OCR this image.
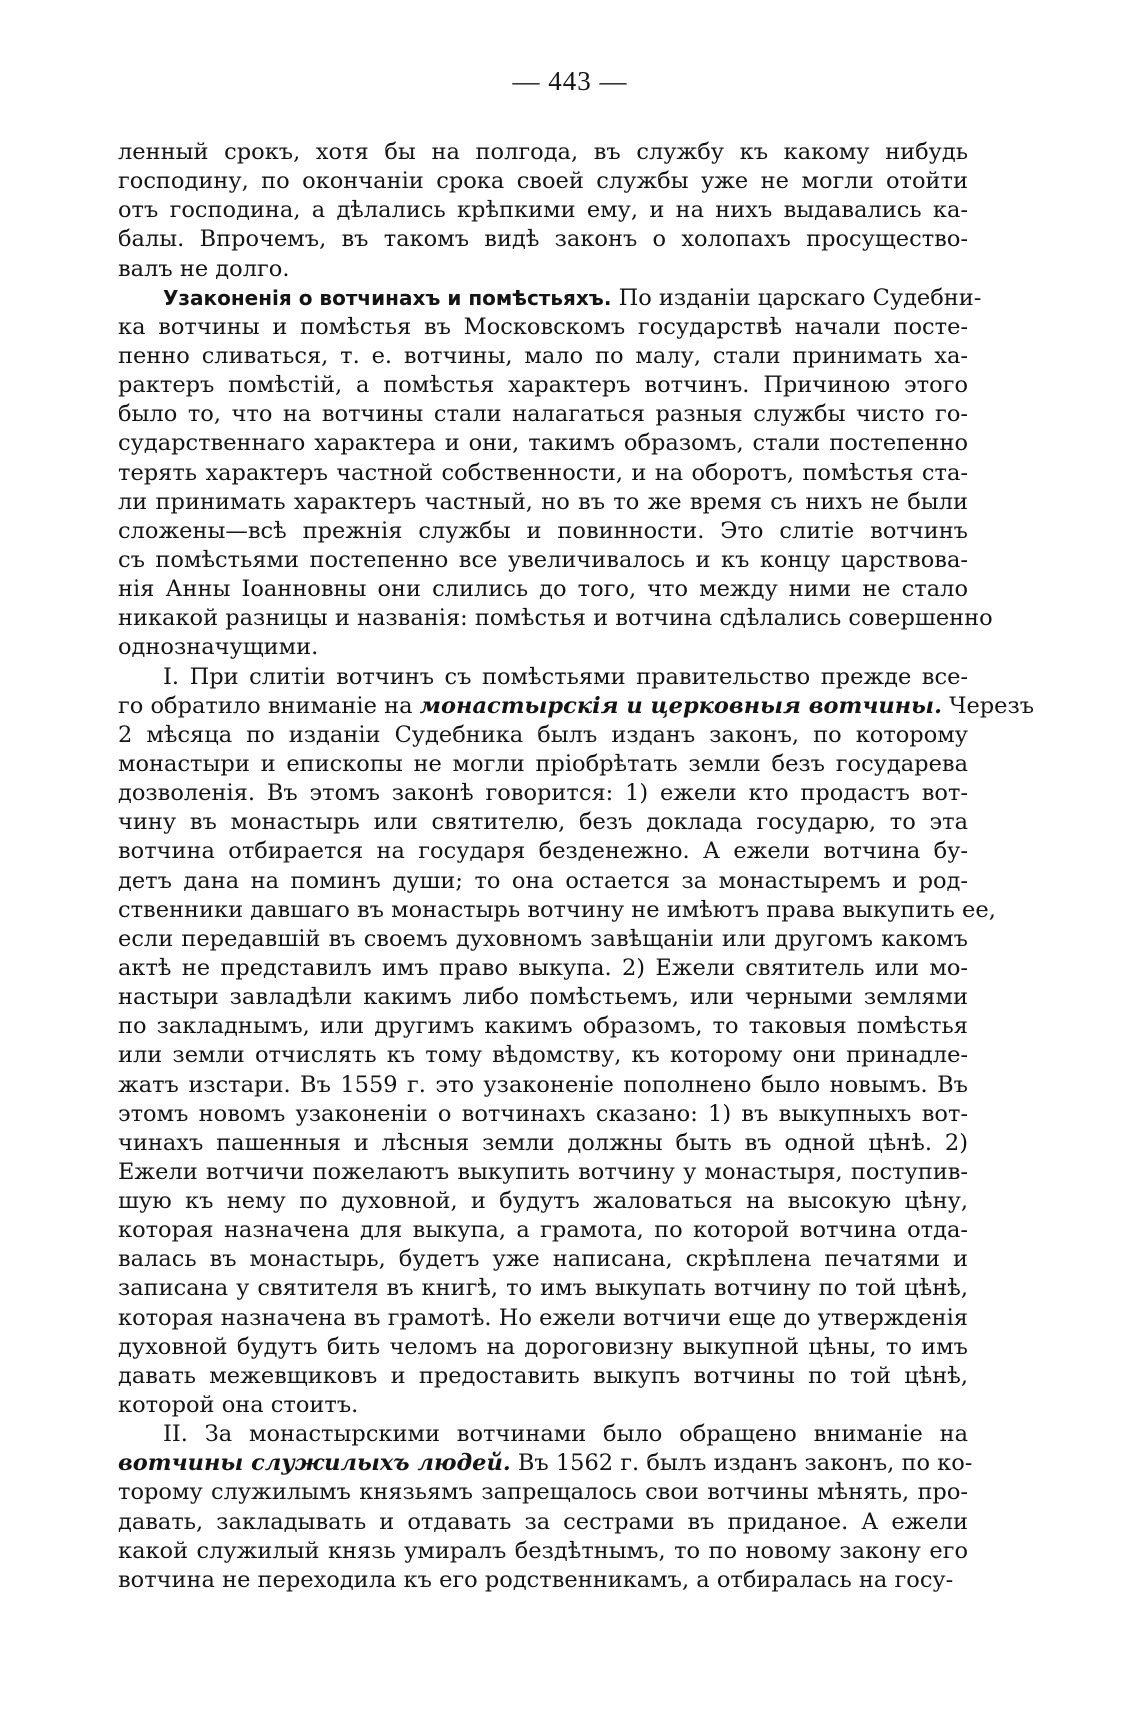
— 443 —
ленный срокъ, хотя бы на полгода, въ службу къ какому нибудь
господину, по окончаніи срока своей службы уже не могли отойти
отъ господина, а дѣлались крѣпкими ему, и на нихъ выдавались ка-
балы. Впрочемъ, въ такомъ видѣ законъ о холопахъ просущество-
валъ не долго.
  Узаконенія о вотчинахъ и помѣстьяхъ. По изданіи царскаго Судебни-
ка вотчины и помѣстья въ Московскомъ государствѣ начали посте-
пенно сливаться, т. е. вотчины, мало по малу, стали принимать ха-
рактеръ помѣстій, а помѣстья характеръ вотчинъ. Причиною этого
было то, что на вотчины стали налагаться разныя службы чисто го-
сударственнаго характера и они, такимъ образомъ, стали постепенно
терять характеръ частной собственности, и на оборотъ, помѣстья ста-
ли принимать характеръ частный, но въ то же время съ нихъ не были
сложены—всѣ прежнія службы и повинности. Это слитіе вотчинъ
съ помѣстьями постепенно все увеличивалось и къ концу царствова-
нія Анны Іоанновны они слились до того, что между ними не стало
никакой разницы и названія: помѣстья и вотчина сдѣлались совершенно
однозначущими.
  І. При слитіи вотчинъ съ помѣстьями правительство прежде все-
го обратило вниманіе на монастырскія и церковныя вотчины. Черезъ
2 мѣсяца по изданіи Судебника былъ изданъ законъ, по которому
монастыри и епископы не могли пріобрѣтать земли безъ государева
дозволенія. Въ этомъ законѣ говорится: 1) ежели кто продастъ вот-
чину въ монастырь или святителю, безъ доклада государю, то эта
вотчина отбирается на государя безденежно. А ежели вотчина бу-
детъ дана на поминъ души; то она остается за монастыремъ и род-
ственники давшаго въ монастырь вотчину не имѣютъ права выкупить ее,
если передавшій въ своемъ духовномъ завѣщаніи или другомъ какомъ
актѣ не представилъ имъ право выкупа. 2) Ежели святитель или мо-
настыри завладѣли какимъ либо помѣстьемъ, или черными землями
по закладнымъ, или другимъ какимъ образомъ, то таковыя помѣстья
или земли отчислять къ тому вѣдомству, къ которому они принадле-
жатъ изстари. Въ 1559 г. это узаконеніе пополнено было новымъ. Въ
этомъ новомъ узаконеніи о вотчинахъ сказано: 1) въ выкупныхъ вот-
чинахъ пашенныя и лѣсныя земли должны быть въ одной цѣнѣ. 2)
Ежели вотчичи пожелаютъ выкупить вотчину у монастыря, поступив-
шую къ нему по духовной, и будутъ жаловаться на высокую цѣну,
которая назначена для выкупа, а грамота, по которой вотчина отда-
валась въ монастырь, будетъ уже написана, скрѣплена печатями и
записана у святителя въ книгѣ, то имъ выкупать вотчину по той цѣнѣ,
которая назначена въ грамотѣ. Но ежели вотчичи еще до утвержденія
духовной будутъ бить челомъ на дороговизну выкупной цѣны, то имъ
давать межевщиковъ и предоставить выкупъ вотчины по той цѣнѣ,
которой она стоитъ.
  ІІ. За монастырскими вотчинами было обращено вниманіе на
вотчины служилыхъ людей. Въ 1562 г. былъ изданъ законъ, по ко-
торому служилымъ князьямъ запрещалось свои вотчины мѣнять, про-
давать, закладывать и отдавать за сестрами въ приданое. А ежели
какой служилый князь умиралъ бездѣтнымъ, то по новому закону его
вотчина не переходила къ его родственникамъ, а отбиралась на госу-
